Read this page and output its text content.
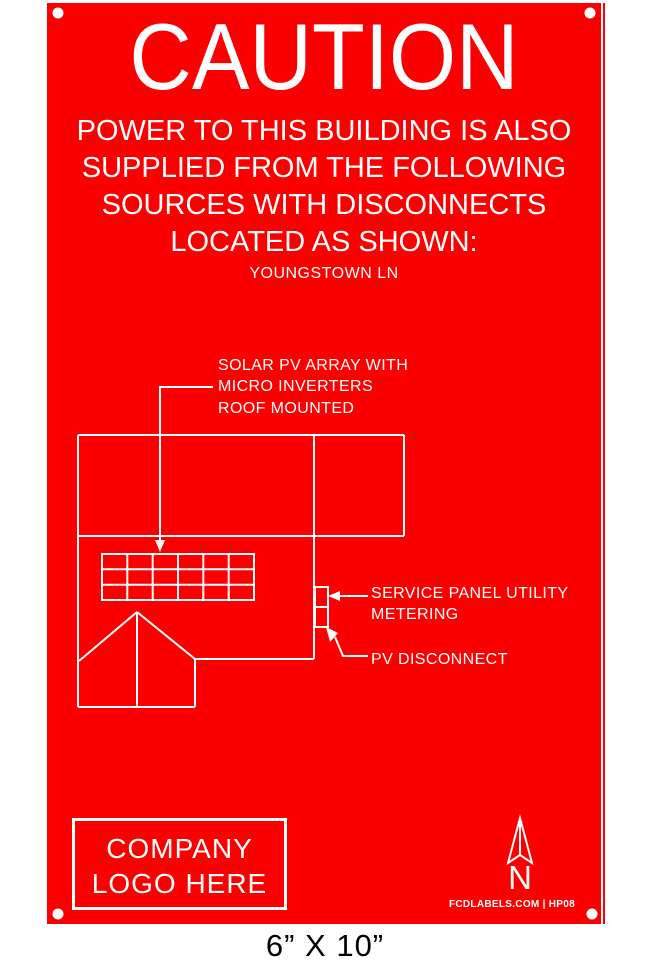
CAUTION
POWER TO THIS BUILDING IS ALSO
SUPPLIED FROM THE FOLLOWING
SOURCES WITH DISCONNECTS
LOCATED AS SHOWN:
YOUNGSTOWN LN
SOLAR PV ARRAY WITH
MICRO INVERTERS
ROOF MOUNTED
SERVICE PANEL UTILITY
METERING
PV DISCONNECT
COMPANY
LOGO HERE	N
FCDLABELS.COM | HP08
6” X 10”
